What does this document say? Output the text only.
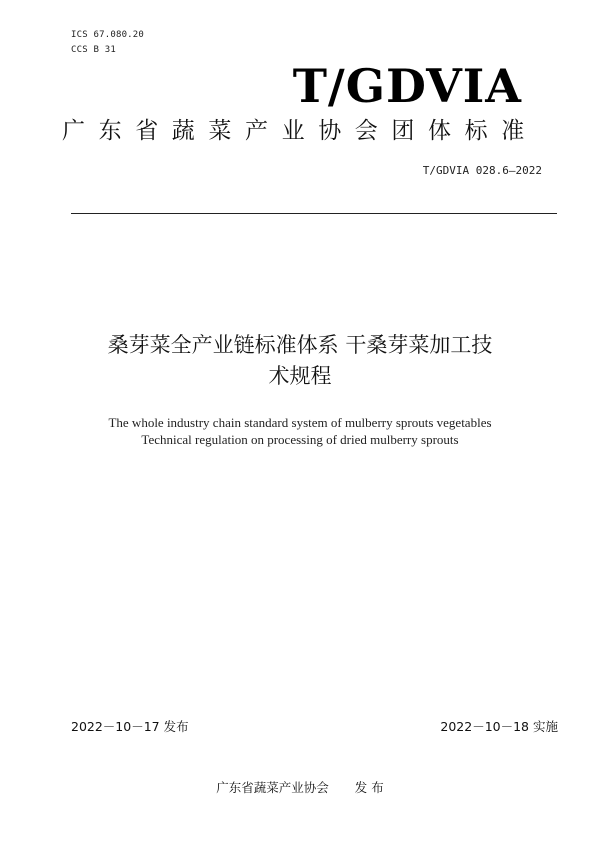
ICS 67.080.20
CCS B 31
T/GDVIA
广东省蔬菜产业协会团体标准
T/GDVIA 028.6—2022
桑芽菜全产业链标准体系 干桑芽菜加工技
术规程
The whole industry chain standard system of mulberry sprouts vegetables
Technical regulation on processing of dried mulberry sprouts
2022－10－17 发布	2022－10－18 实施
广东省蔬菜产业协会 发 布
